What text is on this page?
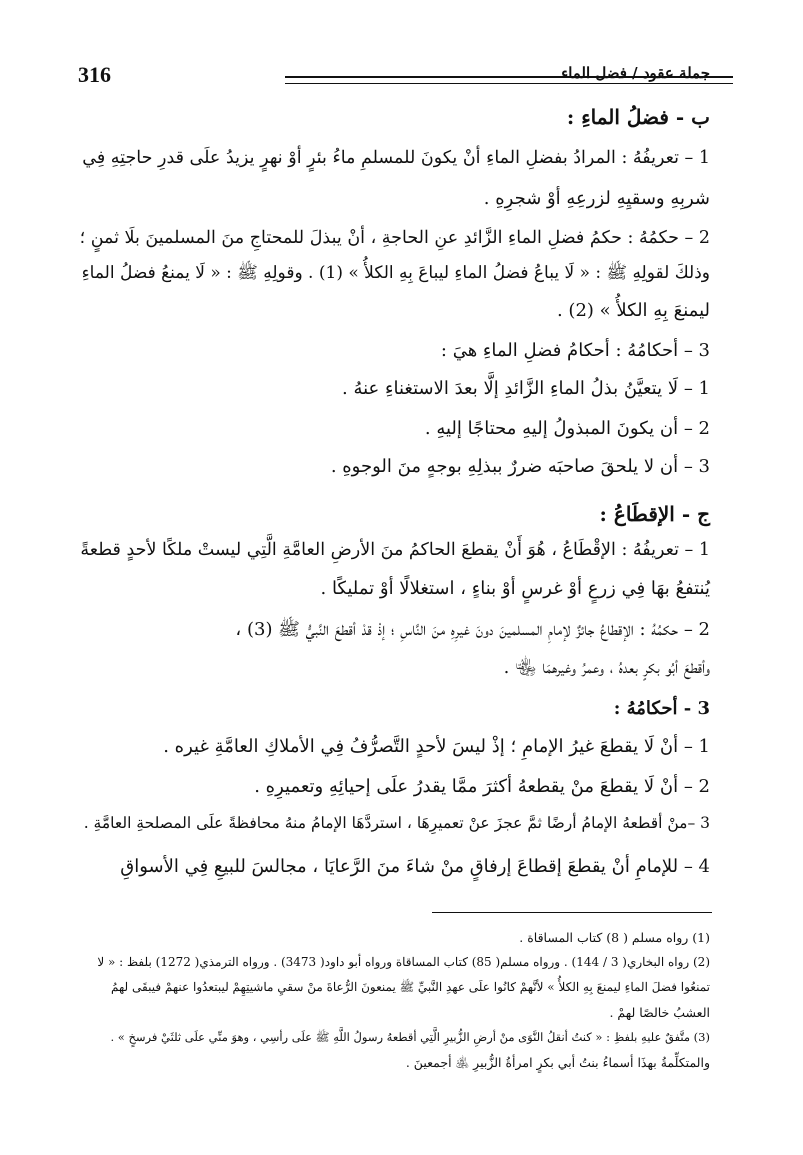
316	جملة عقود / فضل الماء
ب - فضلُ الماءِ :
1 – تعريفُهُ : المرادُ بفضلِ الماءِ أنْ يكونَ للمسلمِ ماءُ بئرٍ أوْ نهرٍ يزيدُ علَى قدرِ حاجتِهِ فِي
شربِهِ وسقيِهِ لزرعِهِ أوْ شجرِهِ .
2 – حكمُهُ : حكمُ فضلِ الماءِ الزَّائدِ عنِ الحاجةِ ، أنْ يبذلَ للمحتاجِ منَ المسلمينَ بلَا ثمنٍ ؛
وذلكَ لقولِهِ ﷺ : « لَا يباعُ فضلُ الماءِ ليباعَ بِهِ الكلأُ » (1) . وقولِهِ ﷺ : « لَا يمنعُ فضلُ الماءِ
ليمنعَ بِهِ الكلأُ » (2) .
3 – أحكامُهُ : أحكامُ فضلِ الماءِ هيَ :
1 – لَا يتعيَّنُ بذلُ الماءِ الزَّائدِ إلَّا بعدَ الاستغناءِ عنهُ .
2 – أن يكونَ المبذولُ إليهِ محتاجًا إليهِ .
3 – أن لا يلحقَ صاحبَه ضررٌ ببذلِهِ بوجهٍ منَ الوجوهِ .
ج - الإقطَاعُ :
1 – تعريفُهُ : الإقْطَاعُ ، هُوَ أَنْ يقطعَ الحاكمُ منَ الأرضِ العامَّةِ الَّتِي ليستْ ملكًا لأحدٍ قطعةً
يُنتفعُ بهَا فِي زرعٍ أوْ غرسٍ أوْ بناءٍ ، استغلالًا أوْ تمليكًا .
2 – حكمُهُ : الإقطاعُ جائزٌ لإمامِ المسلمينَ دونَ غيرِهِ منَ النَّاسِ ؛ إذْ قدْ أقطعَ النَّبيُّ ﷺ (3) ،
وأقطعَ أبُو بكرٍ بعدهُ ، وعمرُ وغيرهمَا ﵄ .
3 - أحكامُهُ :
1 – أنْ لَا يقطعَ غيرُ الإمامِ ؛ إذْ ليسَ لأحدٍ التَّصرُّفُ فِي الأملاكِ العامَّةِ غيره .
2 – أنْ لَا يقطعَ منْ يقطعهُ أكثرَ ممَّا يقدرُ علَى إحيائِهِ وتعميرِهِ .
3 –منْ أقطعهُ الإمامُ أرضًا ثمَّ عجزَ عنْ تعميرِهَا ، استردَّهَا الإمامُ منهُ محافظةً علَى المصلحةِ العامَّةِ .
4 – للإمامِ أنْ يقطعَ إقطاعَ إرفاقٍ منْ شاءَ منَ الرَّعايَا ، مجالسَ للبيعِ فِي الأسواقِ
(1) رواه مسلم ( 8) كتاب المساقاة .
(2) رواه البخاري( 3 / 144) . ورواه مسلم( 85) كتاب المساقاة ورواه أبو داود( 3473) . ورواه الترمذي( 1272) بلفظ : « لا
تمنعُوا فضلَ الماءِ ليمنعَ بِهِ الكلأُ » لأنَّهمْ كانُوا علَى عهدِ النَّبيِّ ﷺ يمنعونَ الرُّعاةَ منْ سقيِ ماشيتِهِمْ ليبتعدُوا عنهمْ فيبقَى لهمُ
العشبُ خالصًا لهمْ .
(3) متَّفقٌ عليهِ بلفظِ : « كنتُ أنقلُ النَّوَى منْ أرضِ الزُّبيرِ الَّتِي أقطعهُ رسولُ اللَّهِ ﷺ علَى رأسِي ، وهوَ منِّي علَى ثلثَيْ فرسخٍ » .
والمتكلِّمةُ بهذَا أسماءُ بنتُ أبي بكرٍ امرأةُ الزُّبيرِ ﵁ أجمعينَ .
